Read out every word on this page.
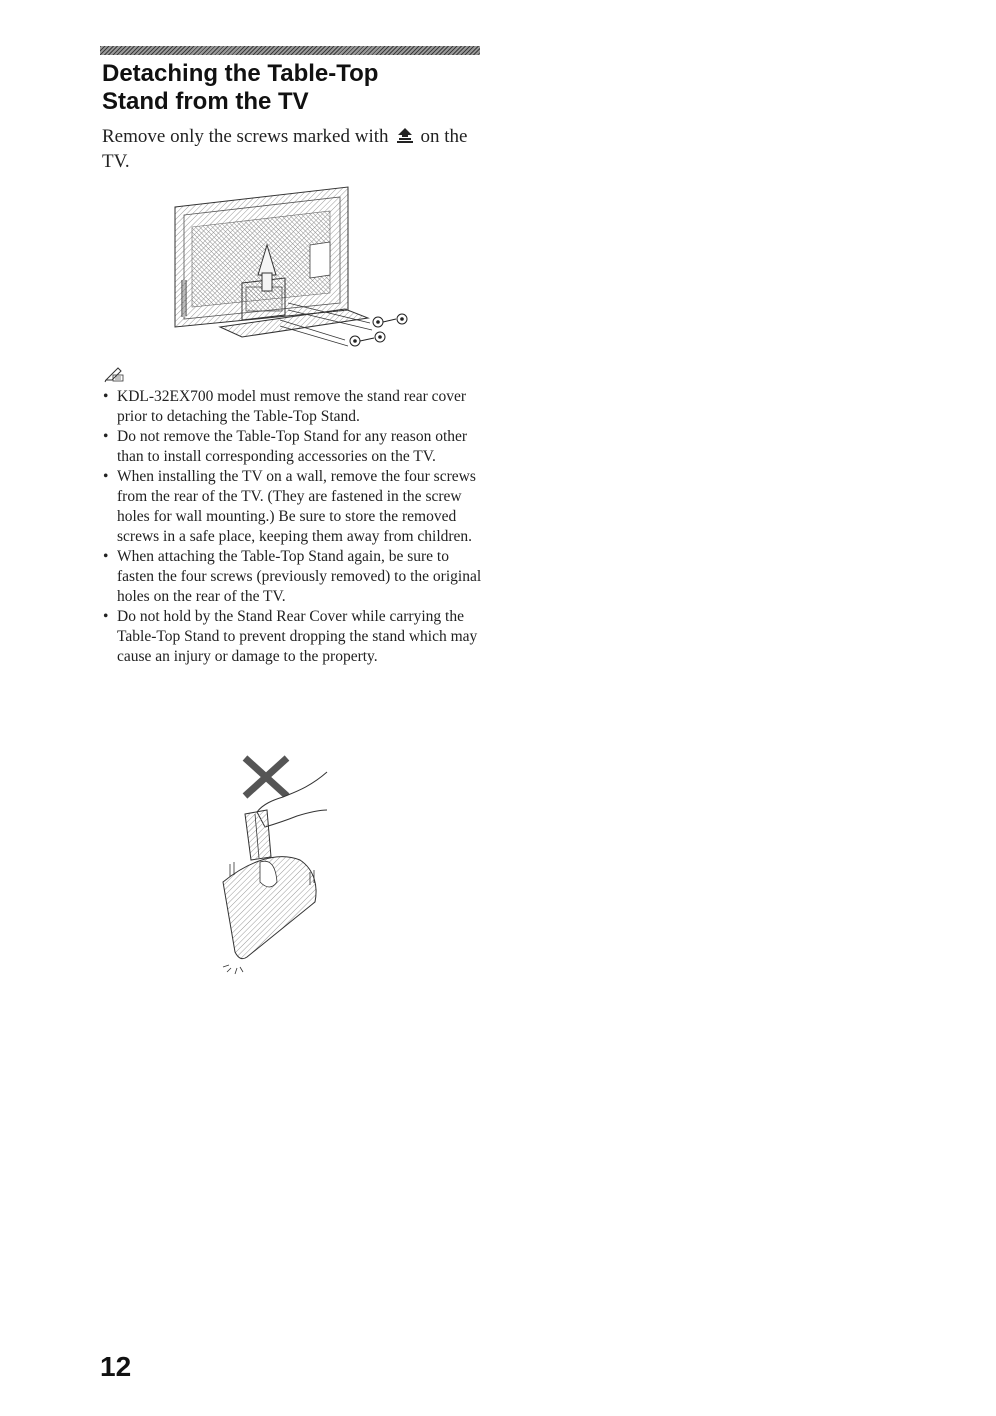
Detaching the Table-Top
Stand from the TV

Remove only the screws marked with on the TV.

• KDL-32EX700 model must remove the stand rear cover prior to detaching the Table-Top Stand.
• Do not remove the Table-Top Stand for any reason other than to install corresponding accessories on the TV.
• When installing the TV on a wall, remove the four screws from the rear of the TV. (They are fastened in the screw holes for wall mounting.) Be sure to store the removed screws in a safe place, keeping them away from children.
• When attaching the Table-Top Stand again, be sure to fasten the four screws (previously removed) to the original holes on the rear of the TV.
• Do not hold by the Stand Rear Cover while carrying the Table-Top Stand to prevent dropping the stand which may cause an injury or damage to the property.
12
